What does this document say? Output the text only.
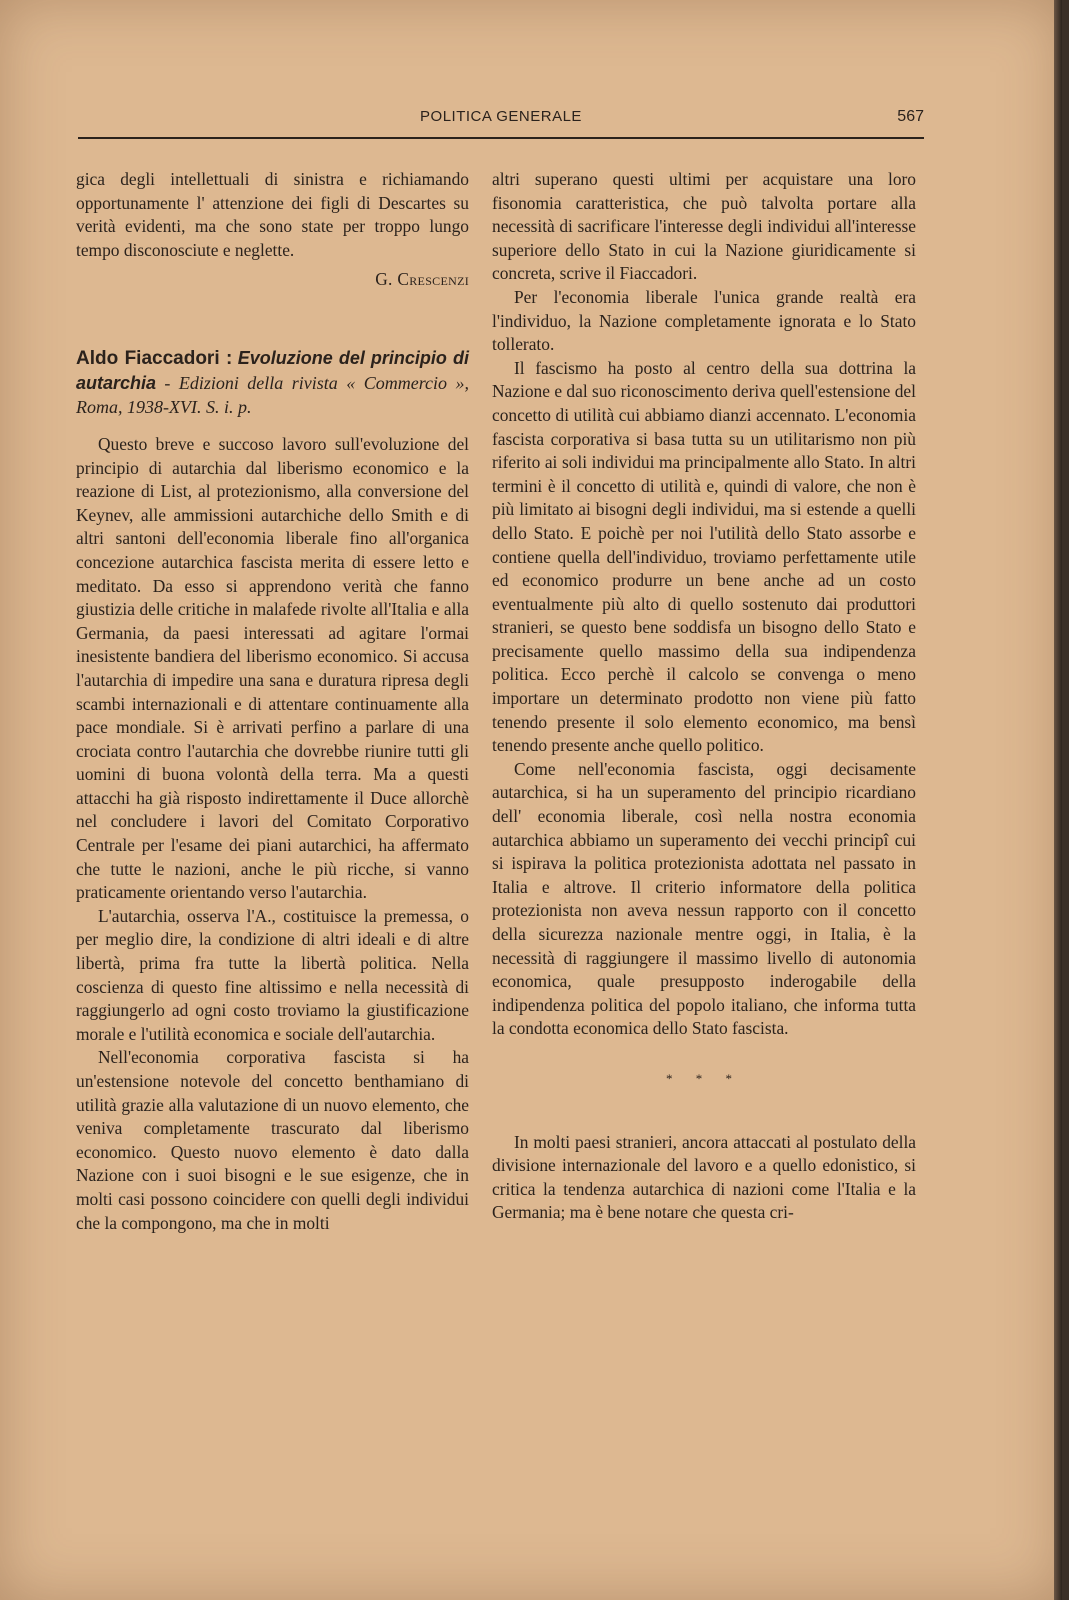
POLITICA GENERALE	567

gica degli intellettuali di sinistra e richiamando opportunamente l' attenzione dei figli di Descartes su verità evidenti, ma che sono state per troppo lungo tempo disconosciute e neglette.

G. Crescenzi

Aldo Fiaccadori : Evoluzione del principio di autarchia - Edizioni della rivista « Commercio », Roma, 1938-XVI. S. i. p.

Questo breve e succoso lavoro sull'evoluzione del principio di autarchia dal liberismo economico e la reazione di List, al protezionismo, alla conversione del Keynev, alle ammissioni autarchiche dello Smith e di altri santoni dell'economia liberale fino all'organica concezione autarchica fascista merita di essere letto e meditato. Da esso si apprendono verità che fanno giustizia delle critiche in malafede rivolte all'Italia e alla Germania, da paesi interessati ad agitare l'ormai inesistente bandiera del liberismo economico. Si accusa l'autarchia di impedire una sana e duratura ripresa degli scambi internazionali e di attentare continuamente alla pace mondiale. Si è arrivati perfino a parlare di una crociata contro l'autarchia che dovrebbe riunire tutti gli uomini di buona volontà della terra. Ma a questi attacchi ha già risposto indirettamente il Duce allorchè nel concludere i lavori del Comitato Corporativo Centrale per l'esame dei piani autarchici, ha affermato che tutte le nazioni, anche le più ricche, si vanno praticamente orientando verso l'autarchia.

L'autarchia, osserva l'A., costituisce la premessa, o per meglio dire, la condizione di altri ideali e di altre libertà, prima fra tutte la libertà politica. Nella coscienza di questo fine altissimo e nella necessità di raggiungerlo ad ogni costo troviamo la giustificazione morale e l'utilità economica e sociale dell'autarchia.

Nell'economia corporativa fascista si ha un'estensione notevole del concetto benthamiano di utilità grazie alla valutazione di un nuovo elemento, che veniva completamente trascurato dal liberismo economico. Questo nuovo elemento è dato dalla Nazione con i suoi bisogni e le sue esigenze, che in molti casi possono coincidere con quelli degli individui che la compongono, ma che in molti

altri superano questi ultimi per acquistare una loro fisonomia caratteristica, che può talvolta portare alla necessità di sacrificare l'interesse degli individui all'interesse superiore dello Stato in cui la Nazione giuridicamente si concreta, scrive il Fiaccadori.

Per l'economia liberale l'unica grande realtà era l'individuo, la Nazione completamente ignorata e lo Stato tollerato.

Il fascismo ha posto al centro della sua dottrina la Nazione e dal suo riconoscimento deriva quell'estensione del concetto di utilità cui abbiamo dianzi accennato. L'economia fascista corporativa si basa tutta su un utilitarismo non più riferito ai soli individui ma principalmente allo Stato. In altri termini è il concetto di utilità e, quindi di valore, che non è più limitato ai bisogni degli individui, ma si estende a quelli dello Stato. E poichè per noi l'utilità dello Stato assorbe e contiene quella dell'individuo, troviamo perfettamente utile ed economico produrre un bene anche ad un costo eventualmente più alto di quello sostenuto dai produttori stranieri, se questo bene soddisfa un bisogno dello Stato e precisamente quello massimo della sua indipendenza politica. Ecco perchè il calcolo se convenga o meno importare un determinato prodotto non viene più fatto tenendo presente il solo elemento economico, ma bensì tenendo presente anche quello politico.

Come nell'economia fascista, oggi decisamente autarchica, si ha un superamento del principio ricardiano dell' economia liberale, così nella nostra economia autarchica abbiamo un superamento dei vecchi principî cui si ispirava la politica protezionista adottata nel passato in Italia e altrove. Il criterio informatore della politica protezionista non aveva nessun rapporto con il concetto della sicurezza nazionale mentre oggi, in Italia, è la necessità di raggiungere il massimo livello di autonomia economica, quale presupposto inderogabile della indipendenza politica del popolo italiano, che informa tutta la condotta economica dello Stato fascista.

* * *

In molti paesi stranieri, ancora attaccati al postulato della divisione internazionale del lavoro e a quello edonistico, si critica la tendenza autarchica di nazioni come l'Italia e la Germania; ma è bene notare che questa cri-
